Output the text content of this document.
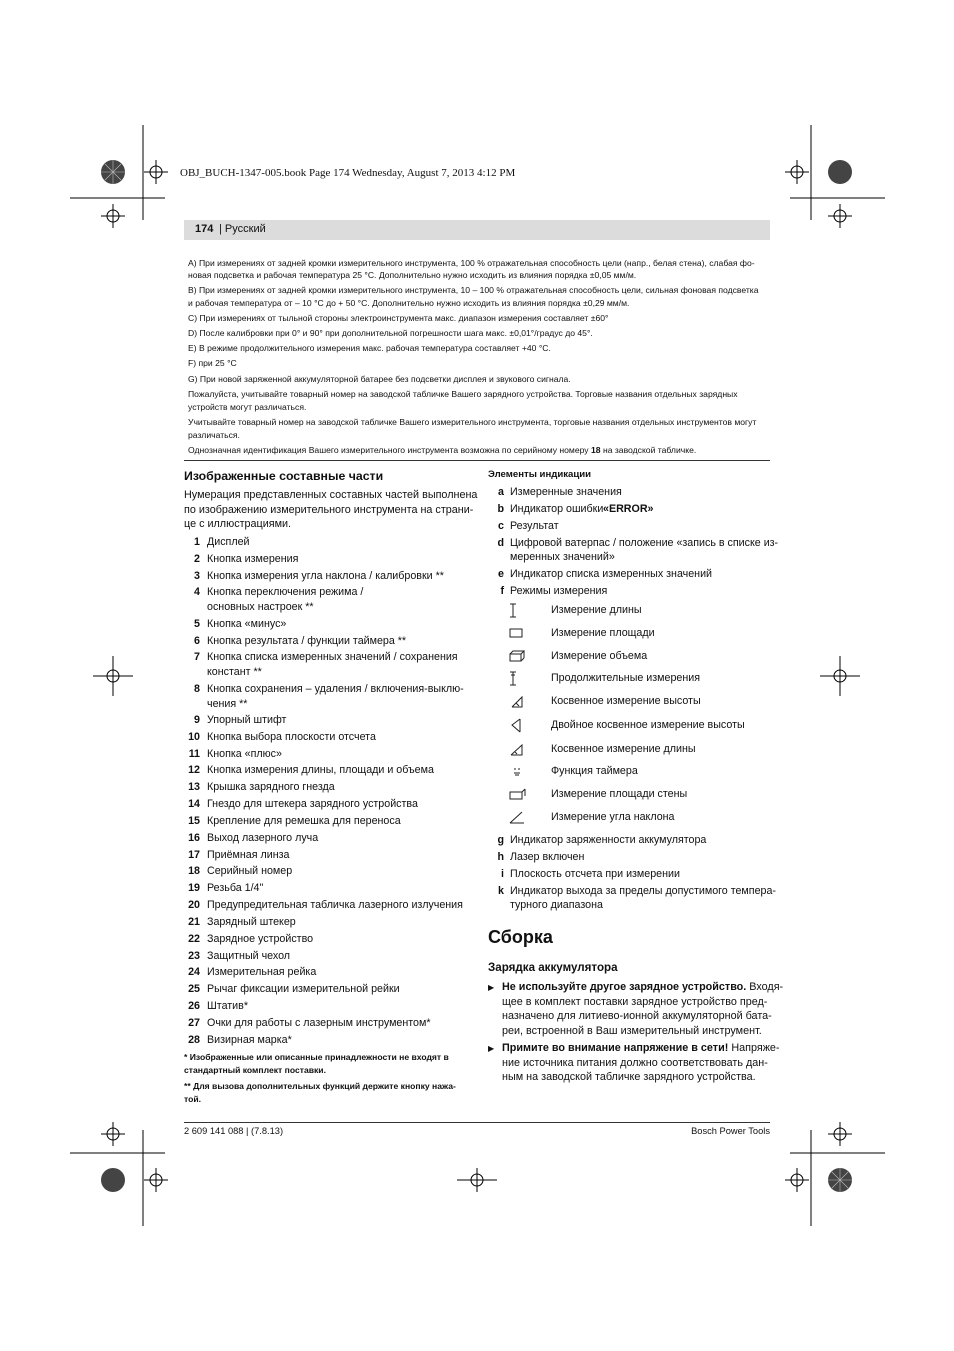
OBJ_BUCH-1347-005.book Page 174 Wednesday, August 7, 2013 4:12 PM
174 | Русский
A) При измерениях от задней кромки измерительного инструмента, 100 % отражательная способность цели (напр., белая стена), слабая фо-
новая подсветка и рабочая температура 25 °C. Дополнительно нужно исходить из влияния порядка ±0,05 мм/м.
B) При измерениях от задней кромки измерительного инструмента, 10 – 100 % отражательная способность цели, сильная фоновая подсветка
и рабочая температура от – 10 °C до + 50 °C. Дополнительно нужно исходить из влияния порядка ±0,29 мм/м.
C) При измерениях от тыльной стороны электроинструмента макс. диапазон измерения составляет ±60°
D) После калибровки при 0° и 90° при дополнительной погрешности шага макс. ±0,01°/градус до 45°.
E) В режиме продолжительного измерения макс. рабочая температура составляет +40 °C.
F) при 25 °C
G) При новой заряженной аккумуляторной батарее без подсветки дисплея и звукового сигнала.
Пожалуйста, учитывайте товарный номер на заводской табличке Вашего зарядного устройства. Торговые названия отдельных зарядных
устройств могут различаться.
Учитывайте товарный номер на заводской табличке Вашего измерительного инструмента, торговые названия отдельных инструментов могут
различаться.
Однозначная идентификация Вашего измерительного инструмента возможна по серийному номеру 18 на заводской табличке.
Изображенные составные части
Нумерация представленных составных частей выполнена
по изображению измерительного инструмента на страни-
це с иллюстрациями.
1 Дисплей
2 Кнопка измерения
3 Кнопка измерения угла наклона / калибровки **
4 Кнопка переключения режима /
основных настроек **
5 Кнопка «минус»
6 Кнопка результата / функции таймера **
7 Кнопка списка измеренных значений / сохранения
констант **
8 Кнопка сохранения – удаления / включения-выклю-
чения **
9 Упорный штифт
10 Кнопка выбора плоскости отсчета
11 Кнопка «плюс»
12 Кнопка измерения длины, площади и объема
13 Крышка зарядного гнезда
14 Гнездо для штекера зарядного устройства
15 Крепление для ремешка для переноса
16 Выход лазерного луча
17 Приёмная линза
18 Серийный номер
19 Резьба 1/4"
20 Предупредительная табличка лазерного излучения
21 Зарядный штекер
22 Зарядное устройство
23 Защитный чехол
24 Измерительная рейка
25 Рычаг фиксации измерительной рейки
26 Штатив*
27 Очки для работы с лазерным инструментом*
28 Визирная марка*
* Изображенные или описанные принадлежности не входят в
стандартный комплект поставки.
** Для вызова дополнительных функций держите кнопку нажа-
той.
Элементы индикации
a Измеренные значения
b Индикатор ошибки «ERROR»
c Результат
d Цифровой ватерпас / положение «запись в списке из-
меренных значений»
e Индикатор списка измеренных значений
f Режимы измерения
Измерение длины
Измерение площади
Измерение объема
Продолжительные измерения
Косвенное измерение высоты
Двойное косвенное измерение высоты
Косвенное измерение длины
Функция таймера
Измерение площади стены
Измерение угла наклона
g Индикатор заряженности аккумулятора
h Лазер включен
i Плоскость отсчета при измерении
k Индикатор выхода за пределы допустимого темпера-
турного диапазона
Сборка
Зарядка аккумулятора
▶ Не используйте другое зарядное устройство. Входя-
щее в комплект поставки зарядное устройство пред-
назначено для литиево-ионной аккумуляторной бата-
реи, встроенной в Ваш измерительный инструмент.
▶ Примите во внимание напряжение в сети! Напряже-
ние источника питания должно соответствовать дан-
ным на заводской табличке зарядного устройства.
2 609 141 088 | (7.8.13)	Bosch Power Tools
